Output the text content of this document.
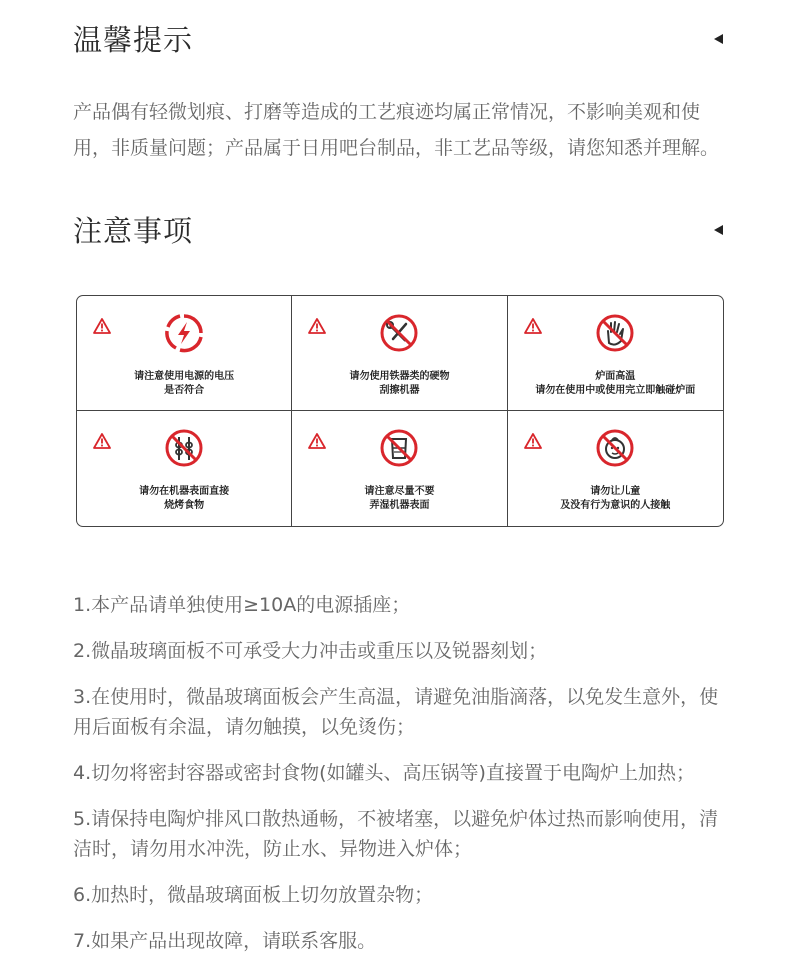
温馨提示
产品偶有轻微划痕、打磨等造成的工艺痕迹均属正常情况，不影响美观和使用，非质量问题；产品属于日用吧台制品，非工艺品等级，请您知悉并理解。
注意事项
请注意使用电源的电压
是否符合
请勿使用铁器类的硬物
刮擦机器
炉面高温
请勿在使用中或使用完立即触碰炉面
请勿在机器表面直接
烧烤食物
请注意尽量不要
弄湿机器表面
请勿让儿童
及没有行为意识的人接触

1.本产品请单独使用≥10A的电源插座；

2.微晶玻璃面板不可承受大力冲击或重压以及锐器刻划；

3.在使用时，微晶玻璃面板会产生高温，请避免油脂滴落，以免发生意外，使用后面板有余温，请勿触摸，以免烫伤；

4.切勿将密封容器或密封食物(如罐头、高压锅等)直接置于电陶炉上加热；

5.请保持电陶炉排风口散热通畅，不被堵塞，以避免炉体过热而影响使用，清洁时，请勿用水冲洗，防止水、异物进入炉体；

6.加热时，微晶玻璃面板上切勿放置杂物；

7.如果产品出现故障，请联系客服。
